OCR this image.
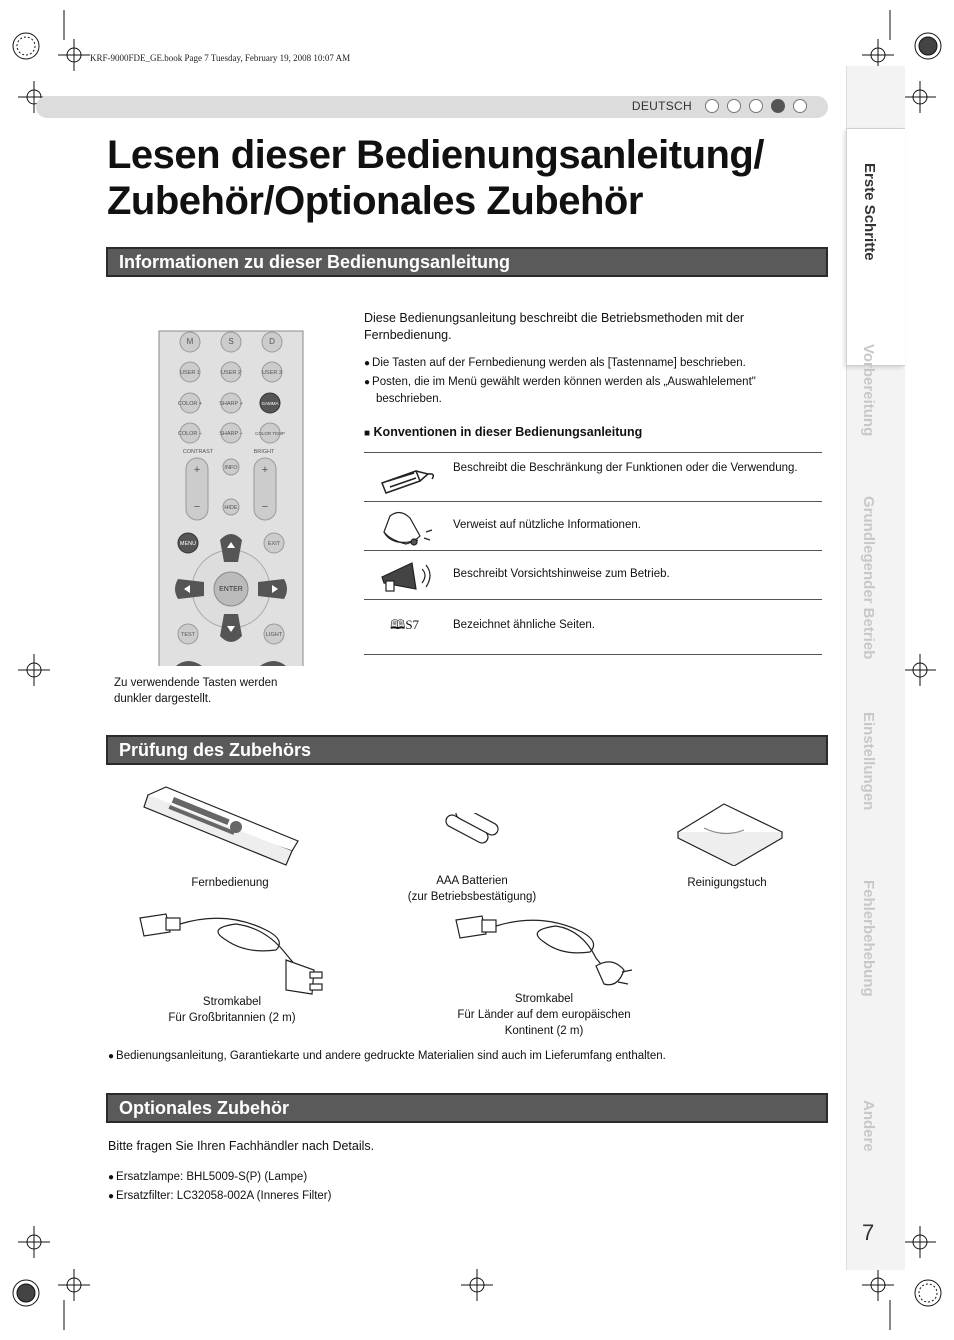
KRF-9000FDE_GE.book Page 7 Tuesday, February 19, 2008 10:07 AM
DEUTSCH
Lesen dieser Bedienungsanleitung/
Zubehör/Optionales Zubehör
Informationen zu dieser Bedienungsanleitung
M	S	D
USER 1	USER 2	USER 3
COLOR +	SHARP +	GAMMA
COLOR −	SHARP −	COLOR TEMP
CONTRAST	BRIGHT
+
−
+
−
INFO
HIDE
MENU	EXIT
ENTER
TEST	LIGHT
Zu verwendende Tasten werden dunkler dargestellt.
Diese Bedienungsanleitung beschreibt die Betriebsmethoden mit der Fernbedienung.
● Die Tasten auf der Fernbedienung werden als [Tastenname] beschrieben.
● Posten, die im Menü gewählt werden können werden als „Auswahlelement" beschrieben.
■ Konventionen in dieser Bedienungsanleitung
Beschreibt die Beschränkung der Funktionen oder die Verwendung.
Verweist auf nützliche Informationen.
Beschreibt Vorsichtshinweise zum Betrieb.
🕮S7	Bezeichnet ähnliche Seiten.
Prüfung des Zubehörs
Fernbedienung	AAA Batterien
(zur Betriebsbestätigung)
Reinigungstuch
Stromkabel
Für Großbritannien (2 m)
Stromkabel
Für Länder auf dem europäischen
Kontinent (2 m)
● Bedienungsanleitung, Garantiekarte und andere gedruckte Materialien sind auch im Lieferumfang enthalten.
Optionales Zubehör
Bitte fragen Sie Ihren Fachhändler nach Details.
● Ersatzlampe: BHL5009-S(P) (Lampe)
● Ersatzfilter: LC32058-002A (Inneres Filter)
Erste Schritte
Vorbereitung
Grundlegender Betrieb
Einstellungen
Fehlerbehebung
Andere
7
